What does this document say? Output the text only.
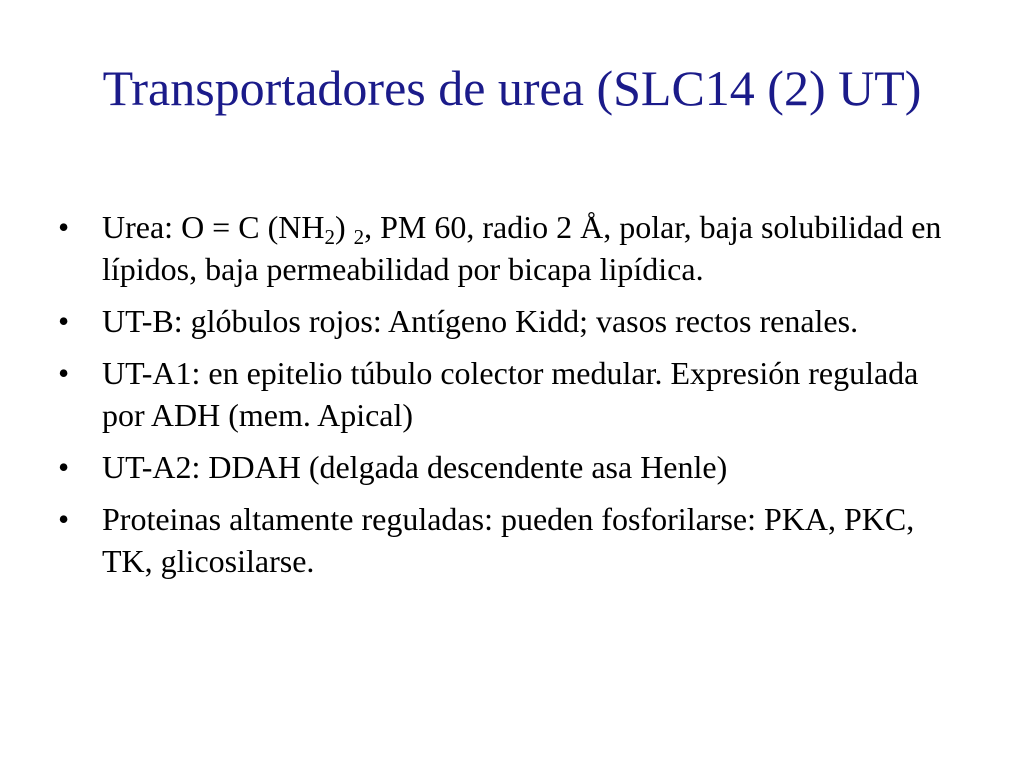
Transportadores de urea (SLC14 (2) UT)
•	Urea: O = C $(NH_2)$ $_2$, PM 60, radio 2 Å, polar, baja solubilidad en lípidos, baja permeabilidad por bicapa lipídica.
•	UT-B: glóbulos rojos: Antígeno Kidd; vasos rectos renales.
•	UT-A1: en epitelio túbulo colector medular. Expresión regulada por ADH (mem. Apical)
•	UT-A2: DDAH (delgada descendente asa Henle)
•	Proteinas altamente reguladas: pueden fosforilarse: PKA, PKC, TK, glicosilarse.
